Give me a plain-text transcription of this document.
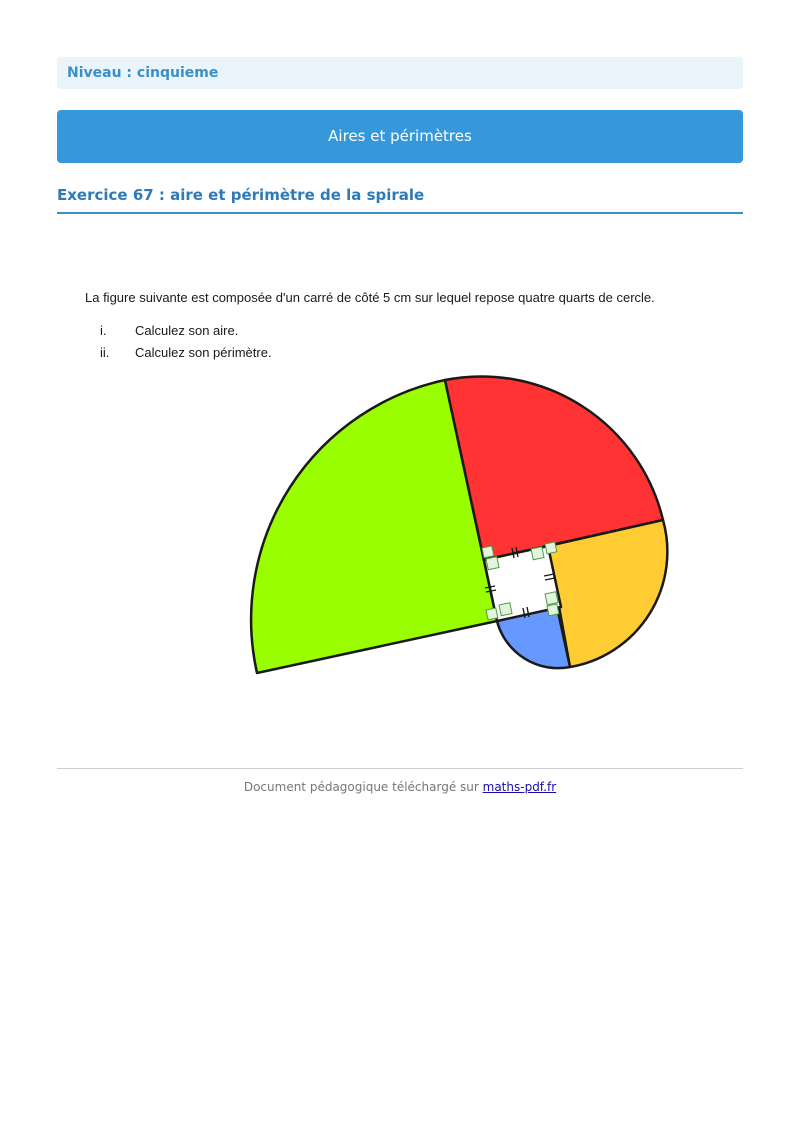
Niveau : cinquieme
Aires et périmètres
Exercice 67 : aire et périmètre de la spirale
La figure suivante est composée d'un carré de côté 5 cm sur lequel repose quatre quarts de cercle.
i.	Calculez son aire.
ii.	Calculez son périmètre.
Document pédagogique téléchargé sur maths-pdf.fr
